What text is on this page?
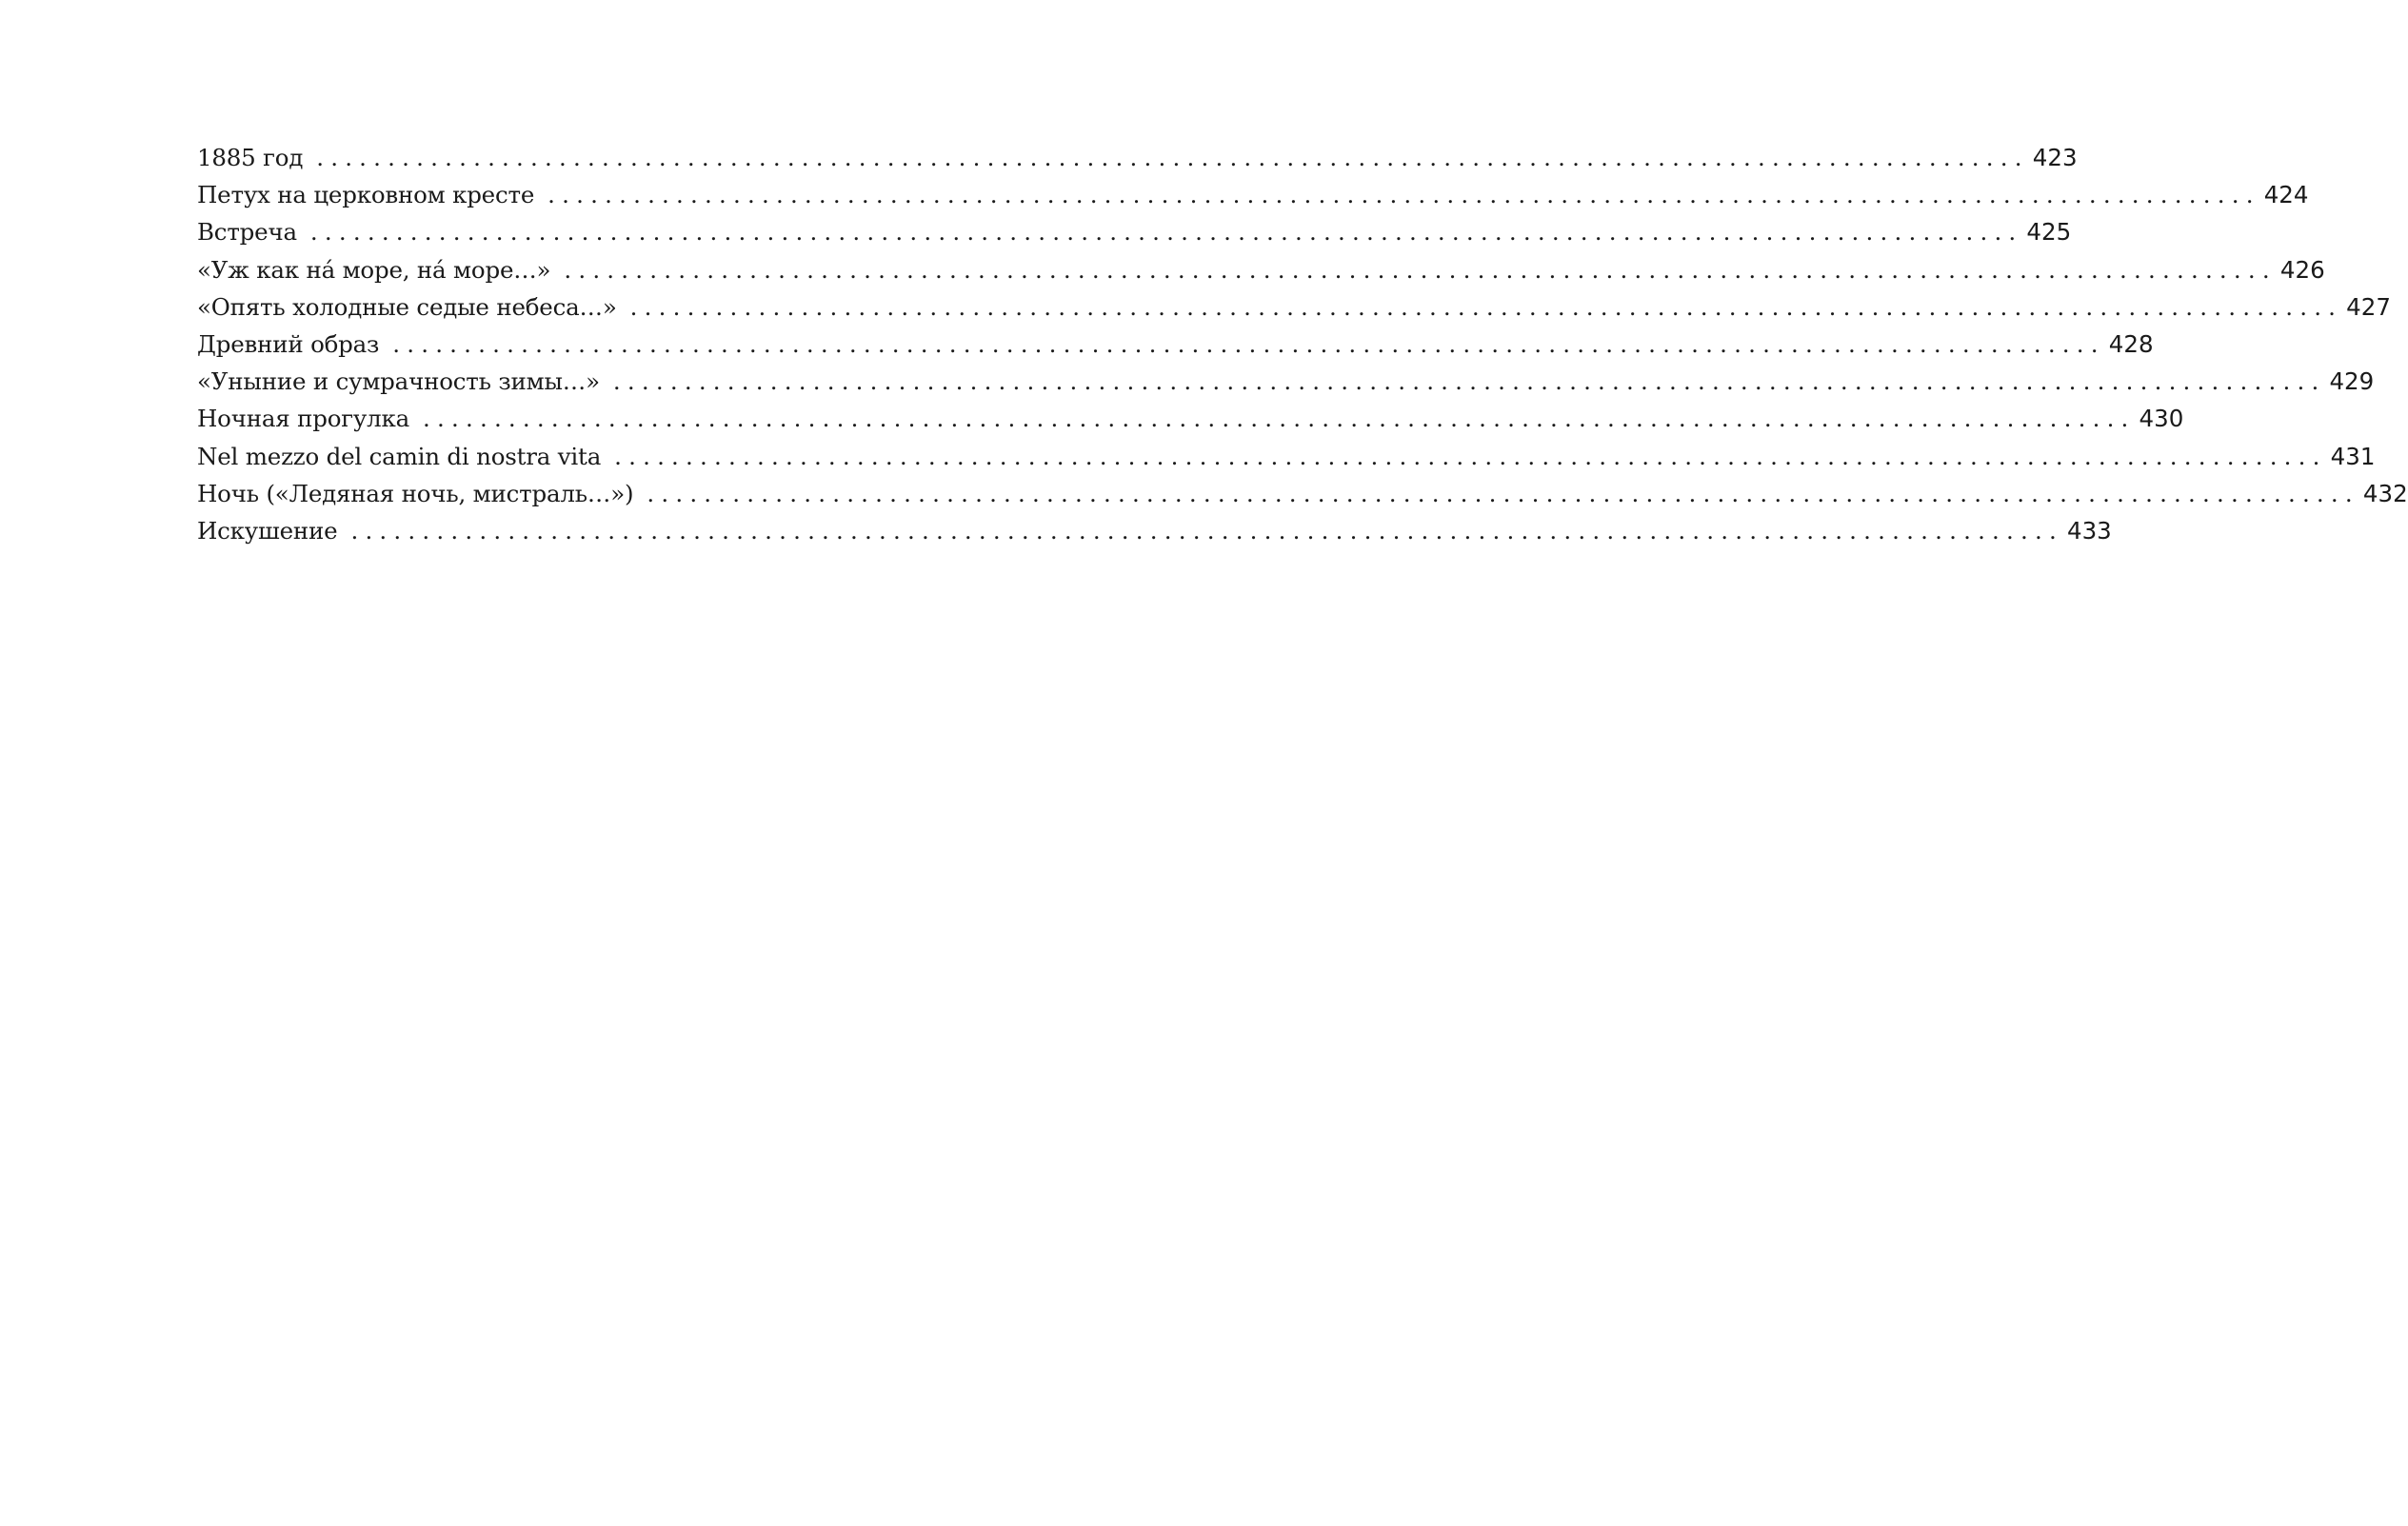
1885 год ........................................................................................................................ 423
Петух на церковном кресте ........................................................................................................................ 424
Встреча ........................................................................................................................ 425
«Уж как нá море, нá море…» ........................................................................................................................ 426
«Опять холодные седые небеса…» ........................................................................................................................ 427
Древний образ ........................................................................................................................ 428
«Уныние и сумрачность зимы…» ........................................................................................................................ 429
Ночная прогулка ........................................................................................................................ 430
Nel mezzo del camin di nostra vita ........................................................................................................................ 431
Ночь («Ледяная ночь, мистраль…») ........................................................................................................................ 432
Искушение ........................................................................................................................ 433
